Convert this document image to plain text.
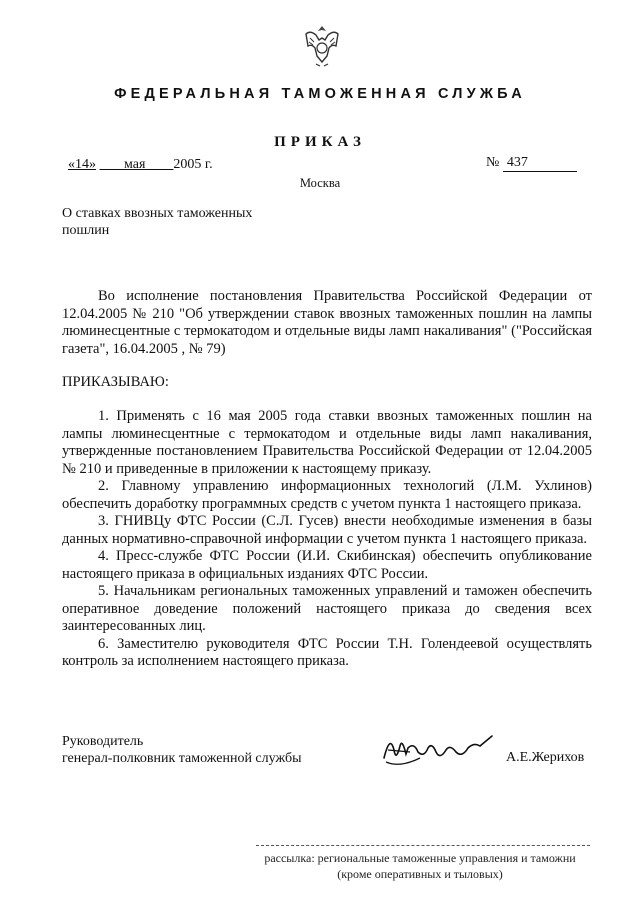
ФЕДЕРАЛЬНАЯ ТАМОЖЕННАЯ СЛУЖБА
ПРИКАЗ
«14» мая 2005 г.	№ 437
Москва
О ставках ввозных таможенных пошлин
Во исполнение постановления Правительства Российской Федерации от 12.04.2005 № 210 "Об утверждении ставок ввозных таможенных пошлин на лампы люминесцентные с термокатодом и отдельные виды ламп накаливания" ("Российская газета", 16.04.2005 , № 79)
ПРИКАЗЫВАЮ:

1. Применять с 16 мая 2005 года ставки ввозных таможенных пошлин на лампы люминесцентные с термокатодом и отдельные виды ламп накаливания, утвержденные постановлением Правительства Российской Федерации от 12.04.2005 № 210 и приведенные в приложении к настоящему приказу.

2. Главному управлению информационных технологий (Л.М. Ухлинов) обеспечить доработку программных средств с учетом пункта 1 настоящего приказа.

3. ГНИВЦу ФТС России (С.Л. Гусев) внести необходимые изменения в базы данных нормативно-справочной информации с учетом пункта 1 настоящего приказа.

4. Пресс-службе ФТС России (И.И. Скибинская) обеспечить опубликование настоящего приказа в официальных изданиях ФТС России.

5. Начальникам региональных таможенных управлений и таможен обеспечить оперативное доведение положений настоящего приказа до сведения всех заинтересованных лиц.

6. Заместителю руководителя ФТС России Т.Н. Голендеевой осуществлять контроль за исполнением настоящего приказа.

Руководитель
генерал-полковник таможенной службы	А.Е.Жерихов
рассылка: региональные таможенные управления и таможни
(кроме оперативных и тыловых)
